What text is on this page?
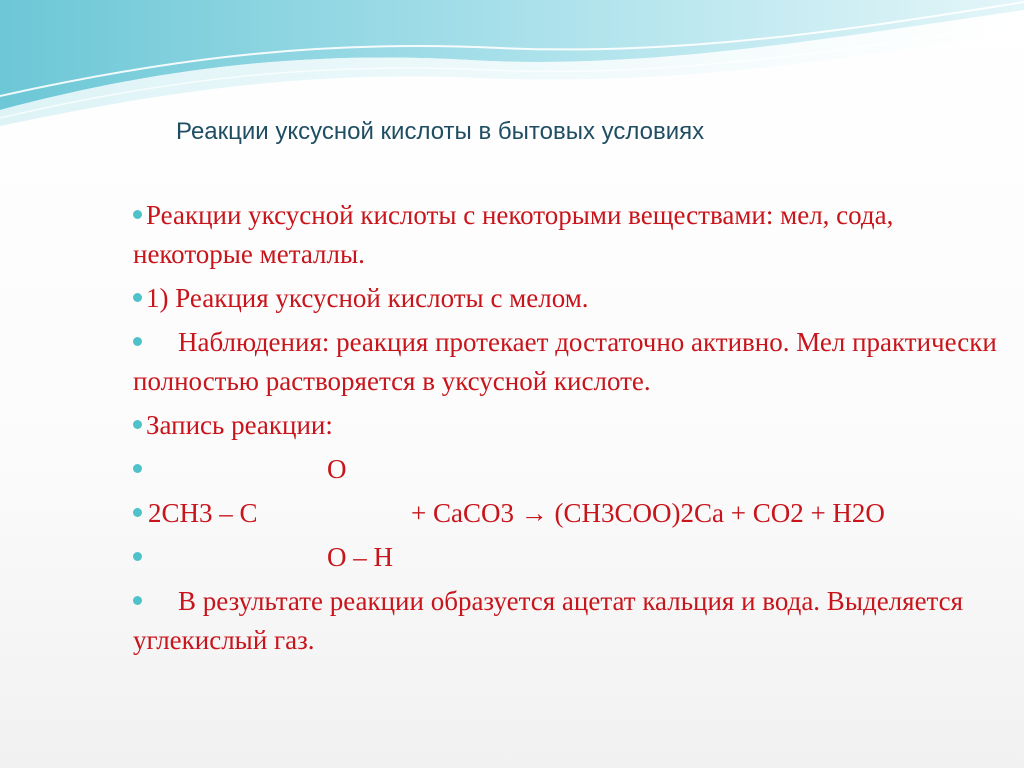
Реакции уксусной кислоты в бытовых условиях
Реакции уксусной кислоты с некоторыми веществами: мел, сода, некоторые металлы.
1) Реакция уксусной кислоты с мелом.
Наблюдения: реакция протекает достаточно активно. Мел практически полностью растворяется в уксусной кислоте.
Запись реакции:
O
2CH3 – C	+ CaCO3 → (CH3COO)2Ca + CO2 + H2O
O – H
В результате реакции образуется ацетат кальция и вода. Выделяется углекислый газ.
